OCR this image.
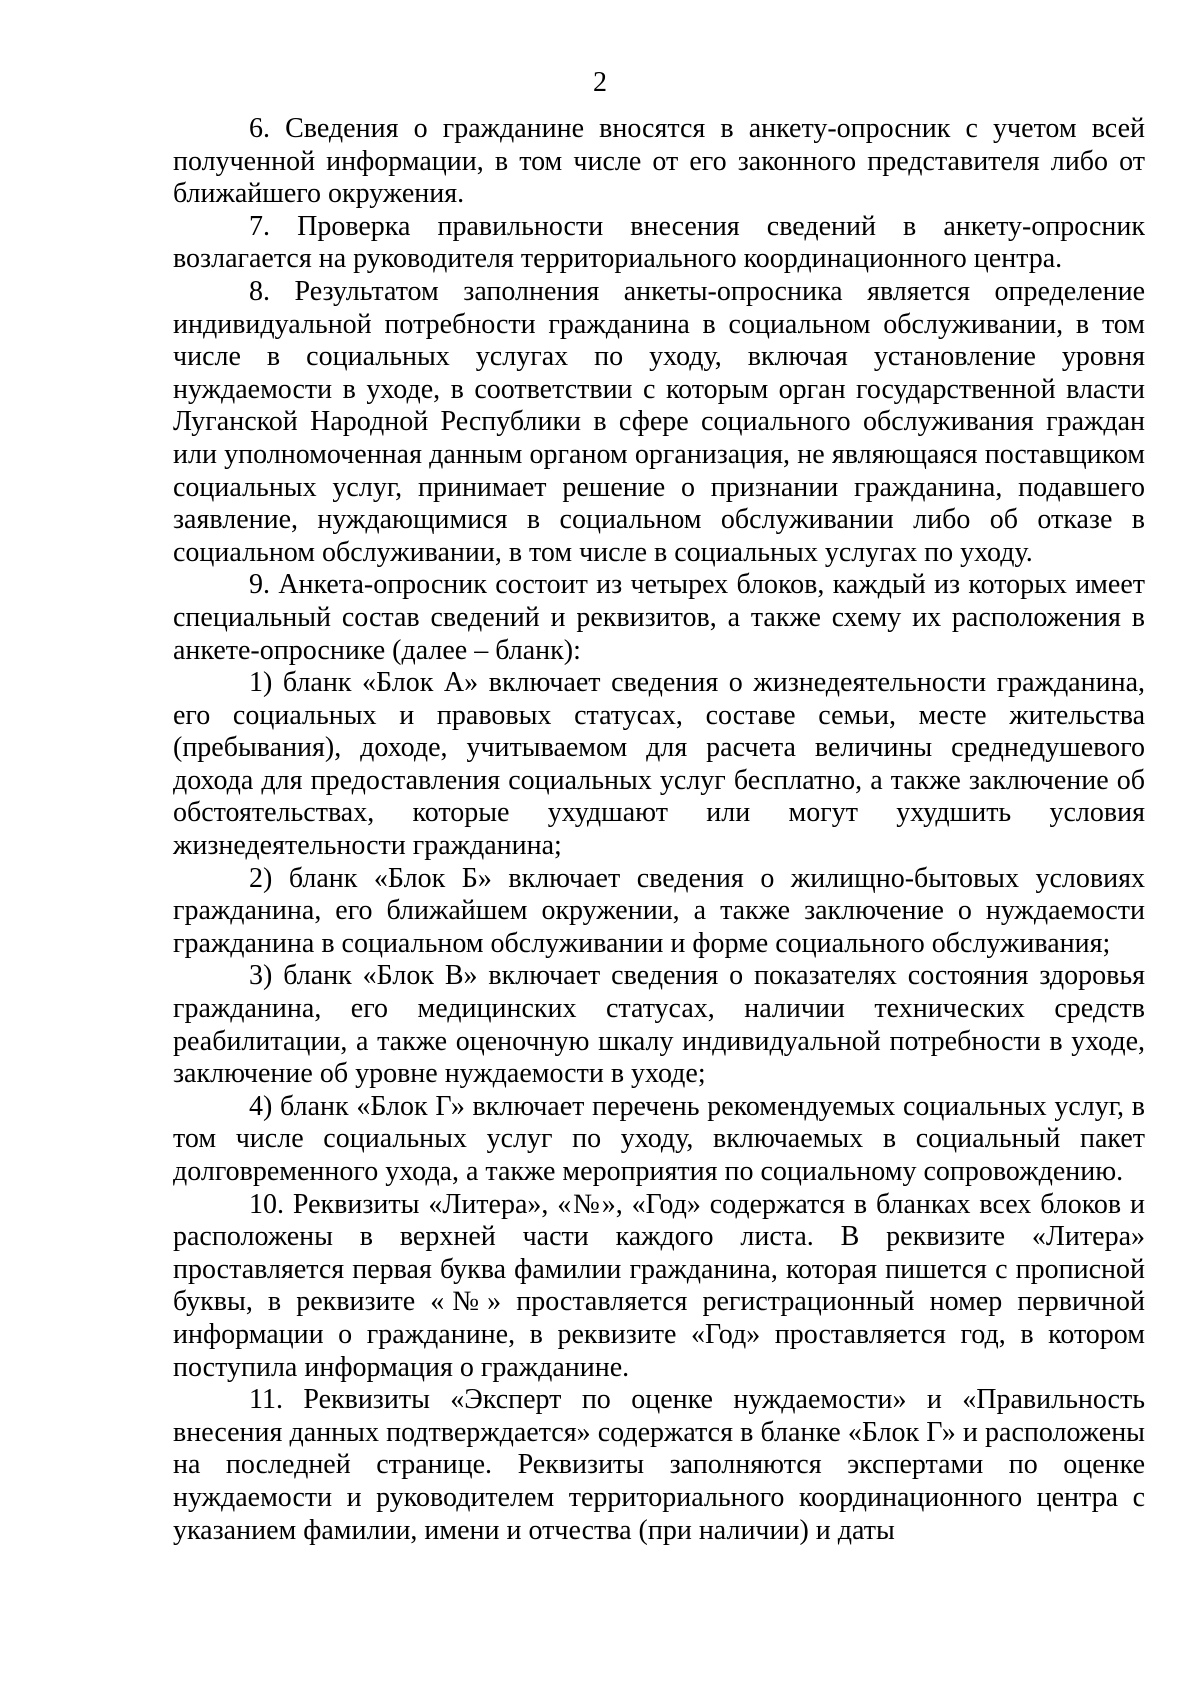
2

6. Сведения о гражданине вносятся в анкету-опросник с учетом всей полученной информации, в том числе от его законного представителя либо от ближайшего окружения.

7. Проверка правильности внесения сведений в анкету-опросник возлагается на руководителя территориального координационного центра.

8. Результатом заполнения анкеты-опросника является определение индивидуальной потребности гражданина в социальном обслуживании, в том числе в социальных услугах по уходу, включая установление уровня нуждаемости в уходе, в соответствии с которым орган государственной власти Луганской Народной Республики в сфере социального обслуживания граждан или уполномоченная данным органом организация, не являющаяся поставщиком социальных услуг, принимает решение о признании гражданина, подавшего заявление, нуждающимися в социальном обслуживании либо об отказе в социальном обслуживании, в том числе в социальных услугах по уходу.

9. Анкета-опросник состоит из четырех блоков, каждый из которых имеет специальный состав сведений и реквизитов, а также схему их расположения в анкете-опроснике (далее – бланк):

1) бланк «Блок А» включает сведения о жизнедеятельности гражданина, его социальных и правовых статусах, составе семьи, месте жительства (пребывания), доходе, учитываемом для расчета величины среднедушевого дохода для предоставления социальных услуг бесплатно, а также заключение об обстоятельствах, которые ухудшают или могут ухудшить условия жизнедеятельности гражданина;

2) бланк «Блок Б» включает сведения о жилищно-бытовых условиях гражданина, его ближайшем окружении, а также заключение о нуждаемости гражданина в социальном обслуживании и форме социального обслуживания;

3) бланк «Блок В» включает сведения о показателях состояния здоровья гражданина, его медицинских статусах, наличии технических средств реабилитации, а также оценочную шкалу индивидуальной потребности в уходе, заключение об уровне нуждаемости в уходе;

4) бланк «Блок Г» включает перечень рекомендуемых социальных услуг, в том числе социальных услуг по уходу, включаемых в социальный пакет долговременного ухода, а также мероприятия по социальному сопровождению.

10. Реквизиты «Литера», «№», «Год» содержатся в бланках всех блоков и расположены в верхней части каждого листа. В реквизите «Литера» проставляется первая буква фамилии гражданина, которая пишется с прописной буквы, в реквизите «№» проставляется регистрационный номер первичной информации о гражданине, в реквизите «Год» проставляется год, в котором поступила информация о гражданине.

11. Реквизиты «Эксперт по оценке нуждаемости» и «Правильность внесения данных подтверждается» содержатся в бланке «Блок Г» и расположены на последней странице. Реквизиты заполняются экспертами по оценке нуждаемости и руководителем территориального координационного центра с указанием фамилии, имени и отчества (при наличии) и даты
